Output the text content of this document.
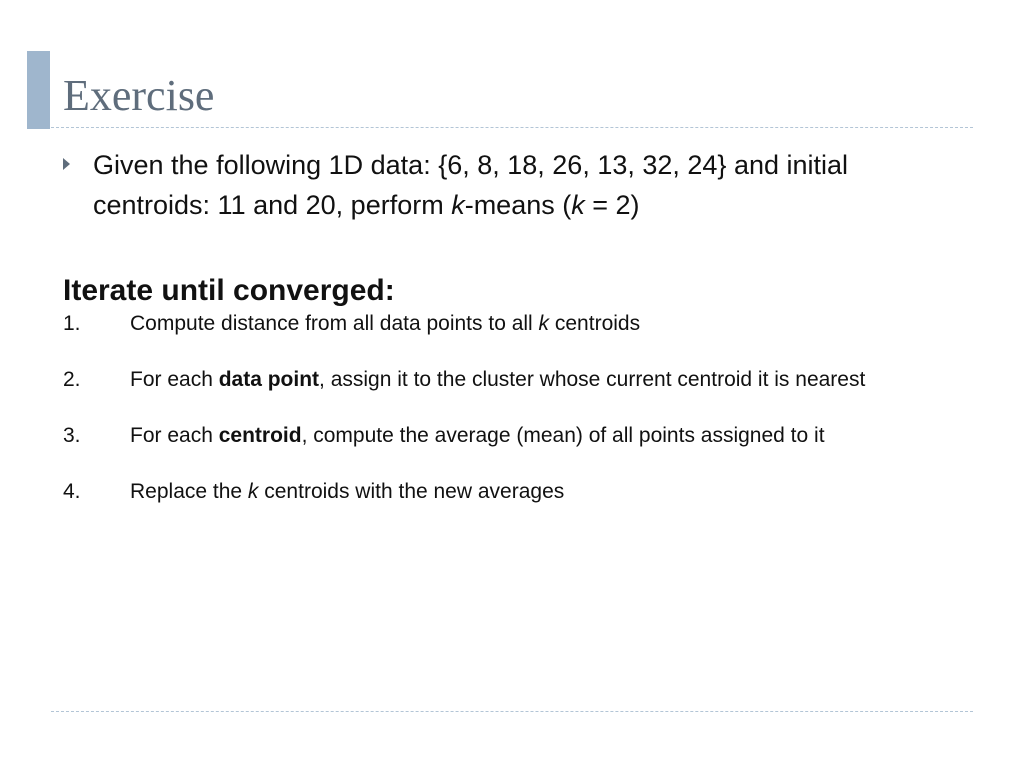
Exercise
Given the following 1D data: {6, 8, 18, 26, 13, 32, 24} and initial centroids: 11 and 20, perform k-means (k = 2)
Iterate until converged:
1. Compute distance from all data points to all k centroids
2. For each data point, assign it to the cluster whose current centroid it is nearest
3. For each centroid, compute the average (mean) of all points assigned to it
4. Replace the k centroids with the new averages
